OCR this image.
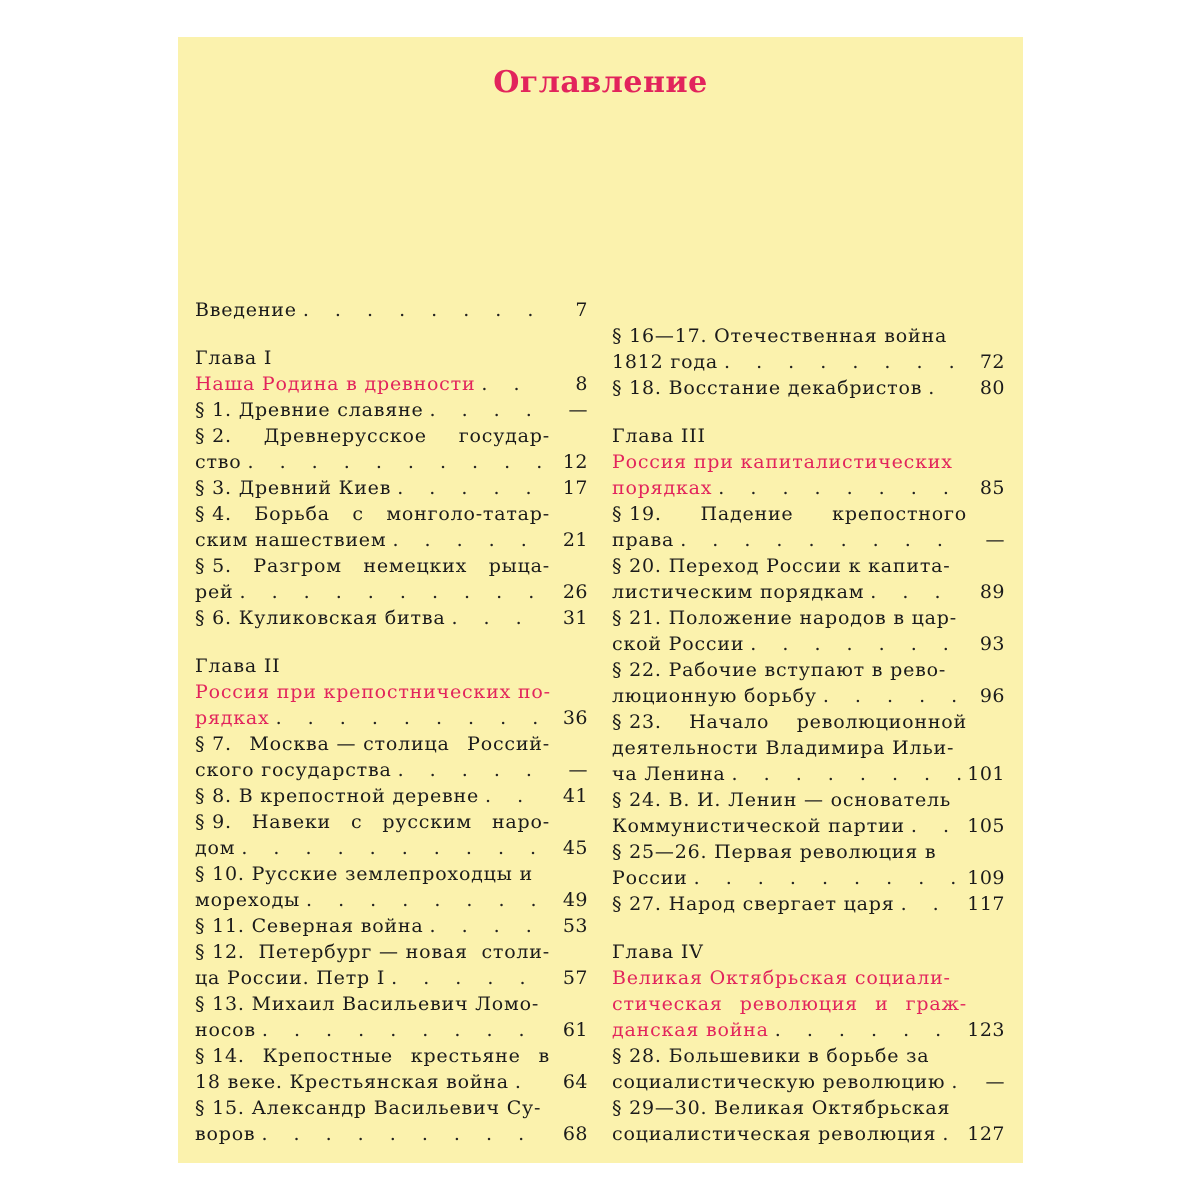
Оглавление
Введение . . .	7
Глава I
Наша Родина в древности . . .	8
§ 1. Древние славяне . . .	—
§ 2. Древнерусское государ-
ство . . .	12
§ 3. Древний Киев . . .	17
§ 4. Борьба с монголо-татар-
ским нашествием . . .	21
§ 5. Разгром немецких рыца-
рей . . .	26
§ 6. Куликовская битва . . .	31
Глава II
Россия при крепостнических по-
рядках . . .	36
§ 7. Москва — столица Россий-
ского государства . . .	—
§ 8. В крепостной деревне . . .	41
§ 9. Навеки с русским наро-
дом . . .	45
§ 10. Русские землепроходцы и
мореходы . . .	49
§ 11. Северная война . . .	53
§ 12. Петербург — новая столи-
ца России. Петр I . . .	57
§ 13. Михаил Васильевич Ломо-
носов . . .	61
§ 14. Крепостные крестьяне в
18 веке. Крестьянская война . . .	64
§ 15. Александр Васильевич Су-
воров . . .	68
§ 16—17. Отечественная война
1812 года . . .	72
§ 18. Восстание декабристов . . .	80
Глава III
Россия при капиталистических
порядках . . .	85
§ 19. Падение крепостного
права . . .	—
§ 20. Переход России к капита-
листическим порядкам . . .	89
§ 21. Положение народов в цар-
ской России . . .	93
§ 22. Рабочие вступают в рево-
люционную борьбу . . .	96
§ 23. Начало революционной
деятельности Владимира Ильи-
ча Ленина . . .	101
§ 24. В. И. Ленин — основатель
Коммунистической партии . . .	105
§ 25—26. Первая революция в
России . . .	109
§ 27. Народ свергает царя . . .	117
Глава IV
Великая Октябрьская социали-
стическая революция и граж-
данская война . . .	123
§ 28. Большевики в борьбе за
социалистическую революцию . . .	—
§ 29—30. Великая Октябрьская
социалистическая революция . . . 127
